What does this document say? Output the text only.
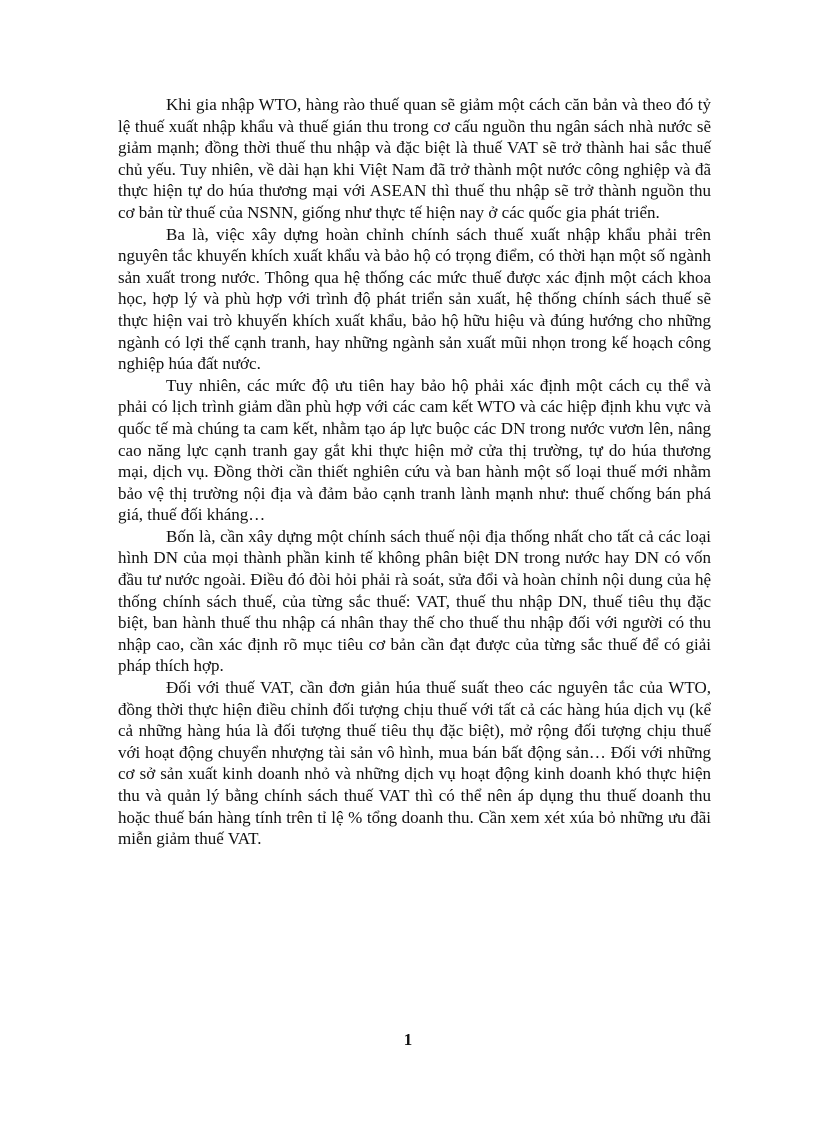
Khi gia nhập WTO, hàng rào thuế quan sẽ giảm một cách căn bản và theo đó tỷ lệ thuế xuất nhập khẩu và thuế gián thu trong cơ cấu nguồn thu ngân sách nhà nước sẽ giảm mạnh; đồng thời thuế thu nhập và đặc biệt là thuế VAT sẽ trở thành hai sắc thuế chủ yếu. Tuy nhiên, về dài hạn khi Việt Nam đã trở thành một nước công nghiệp và đã thực hiện tự do húa thương mại với ASEAN thì thuế thu nhập sẽ trở thành nguồn thu cơ bản từ thuế của NSNN, giống như thực tế hiện nay ở các quốc gia phát triển.

Ba là, việc xây dựng hoàn chỉnh chính sách thuế xuất nhập khẩu phải trên nguyên tắc khuyến khích xuất khẩu và bảo hộ có trọng điểm, có thời hạn một số ngành sản xuất trong nước. Thông qua hệ thống các mức thuế được xác định một cách khoa học, hợp lý và phù hợp với trình độ phát triển sản xuất, hệ thống chính sách thuế sẽ thực hiện vai trò khuyến khích xuất khẩu, bảo hộ hữu hiệu và đúng hướng cho những ngành có lợi thế cạnh tranh, hay những ngành sản xuất mũi nhọn trong kế hoạch công nghiệp húa đất nước.

Tuy nhiên, các mức độ ưu tiên hay bảo hộ phải xác định một cách cụ thể và phải có lịch trình giảm dần phù hợp với các cam kết WTO và các hiệp định khu vực và quốc tế mà chúng ta cam kết, nhằm tạo áp lực buộc các DN trong nước vươn lên, nâng cao năng lực cạnh tranh gay gắt khi thực hiện mở cửa thị trường, tự do húa thương mại, dịch vụ. Đồng thời cần thiết nghiên cứu và ban hành một số loại thuế mới nhằm bảo vệ thị trường nội địa và đảm bảo cạnh tranh lành mạnh như: thuế chống bán phá giá, thuế đối kháng…

Bốn là, cần xây dựng một chính sách thuế nội địa thống nhất cho tất cả các loại hình DN của mọi thành phần kinh tế không phân biệt DN trong nước hay DN có vốn đầu tư nước ngoài. Điều đó đòi hỏi phải rà soát, sửa đổi và hoàn chỉnh nội dung của hệ thống chính sách thuế, của từng sắc thuế: VAT, thuế thu nhập DN, thuế tiêu thụ đặc biệt, ban hành thuế thu nhập cá nhân thay thế cho thuế thu nhập đối với người có thu nhập cao, cần xác định rõ mục tiêu cơ bản cần đạt được của từng sắc thuế để có giải pháp thích hợp.

Đối với thuế VAT, cần đơn giản húa thuế suất theo các nguyên tắc của WTO, đồng thời thực hiện điều chỉnh đối tượng chịu thuế với tất cả các hàng húa dịch vụ (kể cả những hàng húa là đối tượng thuế tiêu thụ đặc biệt), mở rộng đối tượng chịu thuế với hoạt động chuyển nhượng tài sản vô hình, mua bán bất động sản… Đối với những cơ sở sản xuất kinh doanh nhỏ và những dịch vụ hoạt động kinh doanh khó thực hiện thu và quản lý bằng chính sách thuế VAT thì có thể nên áp dụng thu thuế doanh thu hoặc thuế bán hàng tính trên tỉ lệ % tổng doanh thu. Cần xem xét xúa bỏ những ưu đãi miễn giảm thuế VAT.

1
